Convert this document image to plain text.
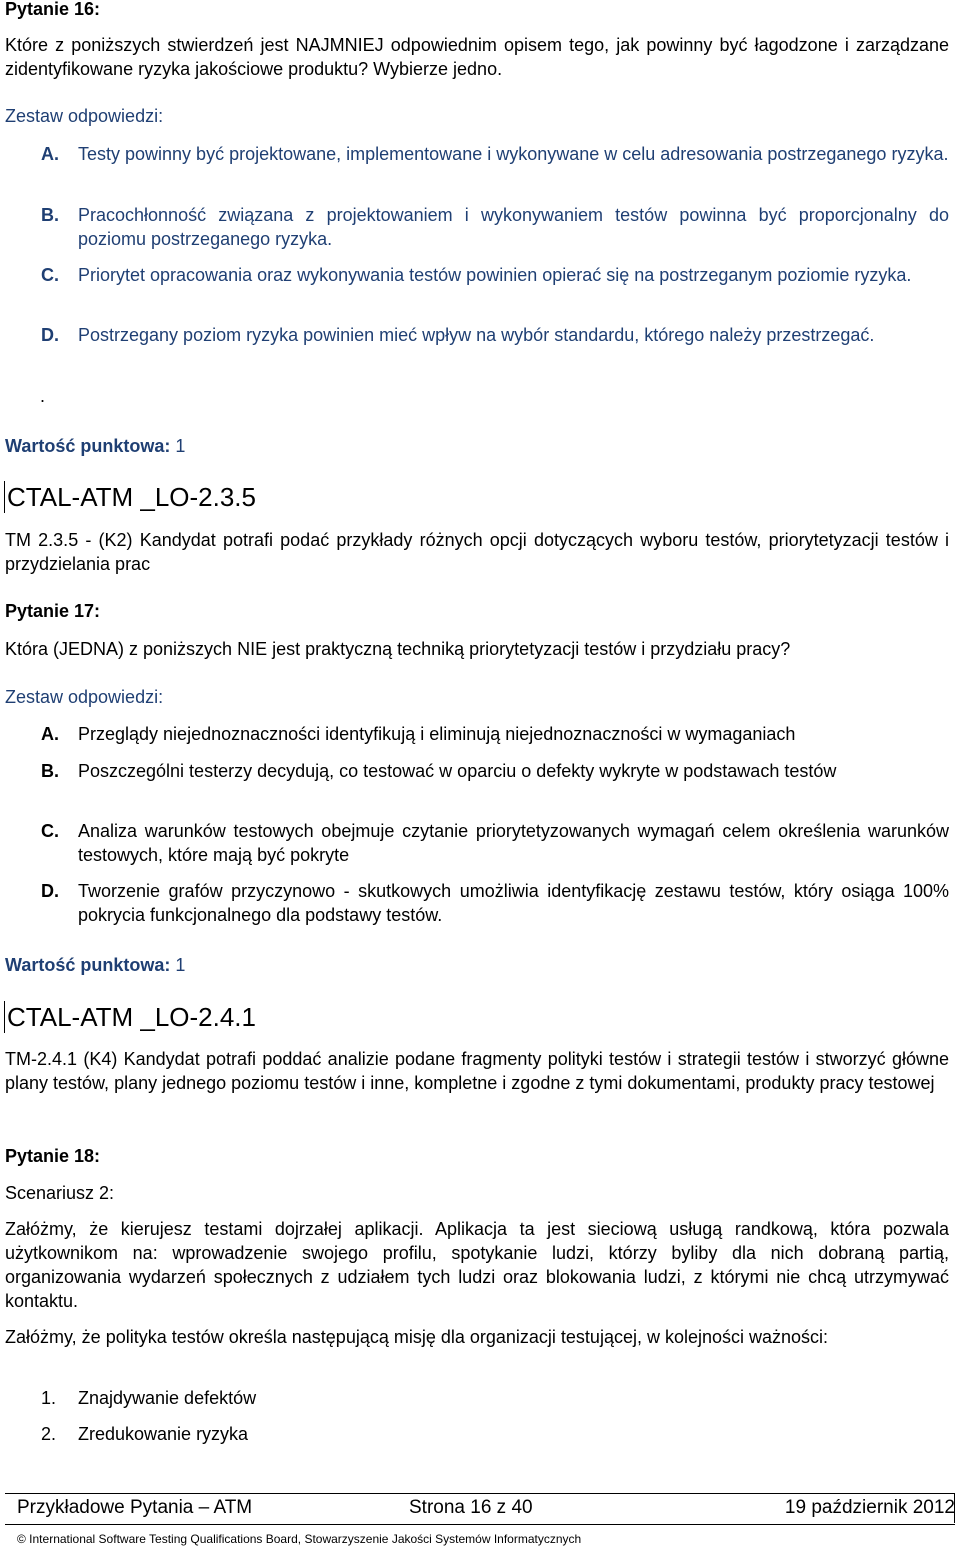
Pytanie 16:

Które z poniższych stwierdzeń jest NAJMNIEJ odpowiednim opisem tego, jak powinny być łagodzone i zarządzane zidentyfikowane ryzyka jakościowe produktu? Wybierze jedno.

Zestaw odpowiedzi:
A.	Testy powinny być projektowane, implementowane i wykonywane w celu adresowania postrzeganego ryzyka.
B.	Pracochłonność związana z projektowaniem i wykonywaniem testów powinna być proporcjonalny do poziomu postrzeganego ryzyka.
C.	Priorytet opracowania oraz wykonywania testów powinien opierać się na postrzeganym poziomie ryzyka.
D.	Postrzegany poziom ryzyka powinien mieć wpływ na wybór standardu, którego należy przestrzegać.
.
Wartość punktowa: 1
CTAL-ATM _LO-2.3.5

TM 2.3.5 - (K2) Kandydat potrafi podać przykłady różnych opcji dotyczących wyboru testów, priorytetyzacji testów i przydzielania prac

Pytanie 17:

Która (JEDNA) z poniższych NIE jest praktyczną techniką priorytetyzacji testów i przydziału pracy?

Zestaw odpowiedzi:
A.	Przeglądy niejednoznaczności identyfikują i eliminują niejednoznaczności w wymaganiach
B.	Poszczególni testerzy decydują, co testować w oparciu o defekty wykryte w podstawach testów
C.	Analiza warunków testowych obejmuje czytanie priorytetyzowanych wymagań celem określenia warunków testowych, które mają być pokryte
D.	Tworzenie grafów przyczynowo - skutkowych umożliwia identyfikację zestawu testów, który osiąga 100% pokrycia funkcjonalnego dla podstawy testów.
Wartość punktowa: 1
CTAL-ATM _LO-2.4.1

TM-2.4.1 (K4) Kandydat potrafi poddać analizie podane fragmenty polityki testów i strategii testów i stworzyć główne plany testów, plany jednego poziomu testów i inne, kompletne i zgodne z tymi dokumentami, produkty pracy testowej

Pytanie 18:
Scenariusz 2:

Załóżmy, że kierujesz testami dojrzałej aplikacji. Aplikacja ta jest sieciową usługą randkową, która pozwala użytkownikom na: wprowadzenie swojego profilu, spotykanie ludzi, którzy byliby dla nich dobraną partią, organizowania wydarzeń społecznych z udziałem tych ludzi oraz blokowania ludzi, z którymi nie chcą utrzymywać kontaktu.

Załóżmy, że polityka testów określa następującą misję dla organizacji testującej, w kolejności ważności:

1. Znajdywanie defektów
2. Zredukowanie ryzyka
Przykładowe Pytania – ATM	Strona 16 z 40	19 październik 2012
© International Software Testing Qualifications Board, Stowarzyszenie Jakości Systemów Informatycznych
